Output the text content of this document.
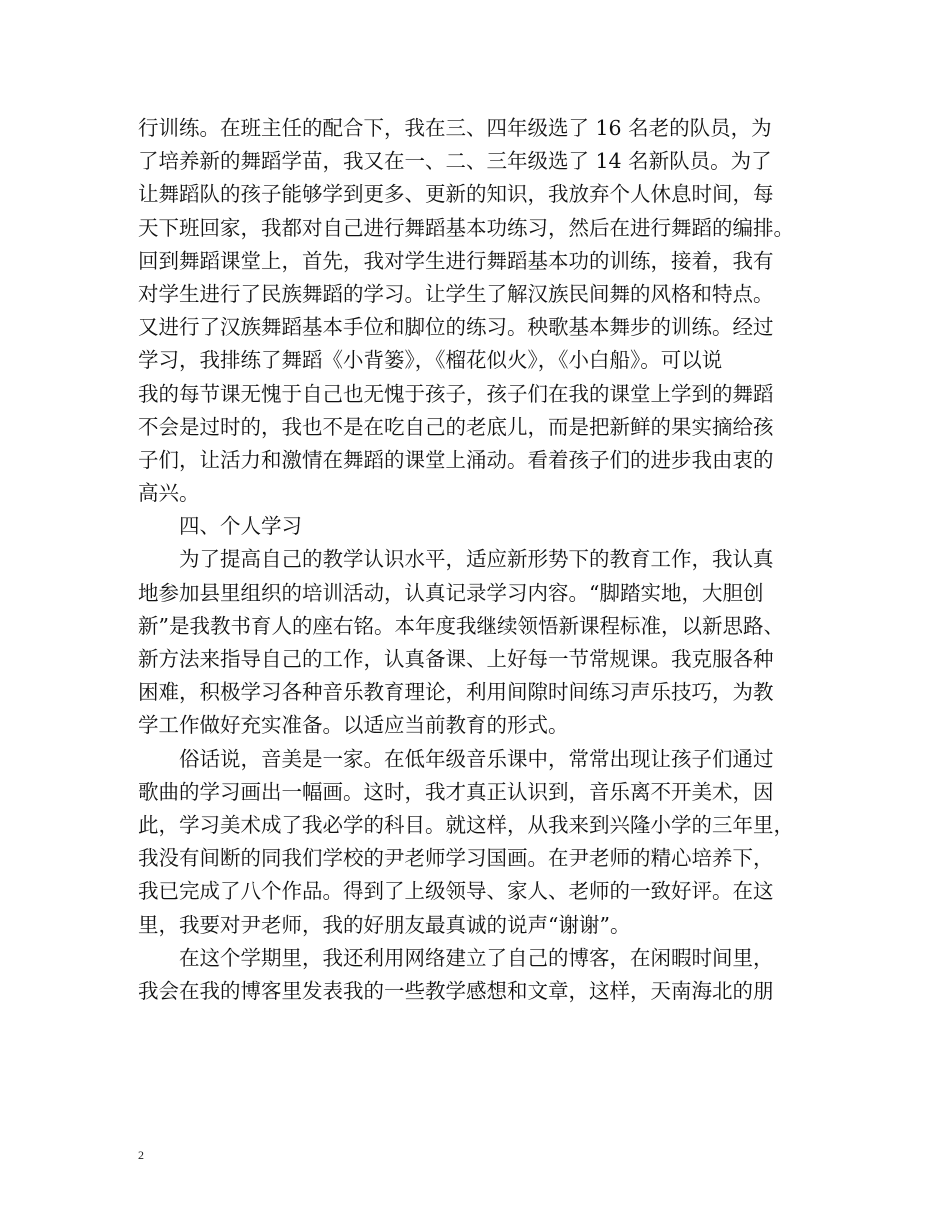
行训练。在班主任的配合下，我在三、四年级选了 16 名老的队员，为
了培养新的舞蹈学苗，我又在一、二、三年级选了 14 名新队员。为了
让舞蹈队的孩子能够学到更多、更新的知识，我放弃个人休息时间，每
天下班回家，我都对自己进行舞蹈基本功练习，然后在进行舞蹈的编排。
回到舞蹈课堂上，首先，我对学生进行舞蹈基本功的训练，接着，我有
对学生进行了民族舞蹈的学习。让学生了解汉族民间舞的风格和特点。
又进行了汉族舞蹈基本手位和脚位的练习。秧歌基本舞步的训练。经过
学习，我排练了舞蹈《小背篓》，《榴花似火》，《小白船》。可以说
我的每节课无愧于自己也无愧于孩子，孩子们在我的课堂上学到的舞蹈
不会是过时的，我也不是在吃自己的老底儿，而是把新鲜的果实摘给孩
子们，让活力和激情在舞蹈的课堂上涌动。看着孩子们的进步我由衷的
高兴。
四、个人学习
为了提高自己的教学认识水平，适应新形势下的教育工作，我认真
地参加县里组织的培训活动，认真记录学习内容。“脚踏实地，大胆创
新”是我教书育人的座右铭。本年度我继续领悟新课程标准，以新思路、
新方法来指导自己的工作，认真备课、上好每一节常规课。我克服各种
困难，积极学习各种音乐教育理论，利用间隙时间练习声乐技巧，为教
学工作做好充实准备。以适应当前教育的形式。
俗话说，音美是一家。在低年级音乐课中，常常出现让孩子们通过
歌曲的学习画出一幅画。这时，我才真正认识到，音乐离不开美术，因
此，学习美术成了我必学的科目。就这样，从我来到兴隆小学的三年里，
我没有间断的同我们学校的尹老师学习国画。在尹老师的精心培养下，
我已完成了八个作品。得到了上级领导、家人、老师的一致好评。在这
里，我要对尹老师，我的好朋友最真诚的说声“谢谢”。
在这个学期里，我还利用网络建立了自己的博客，在闲暇时间里，
我会在我的博客里发表我的一些教学感想和文章，这样，天南海北的朋
2
